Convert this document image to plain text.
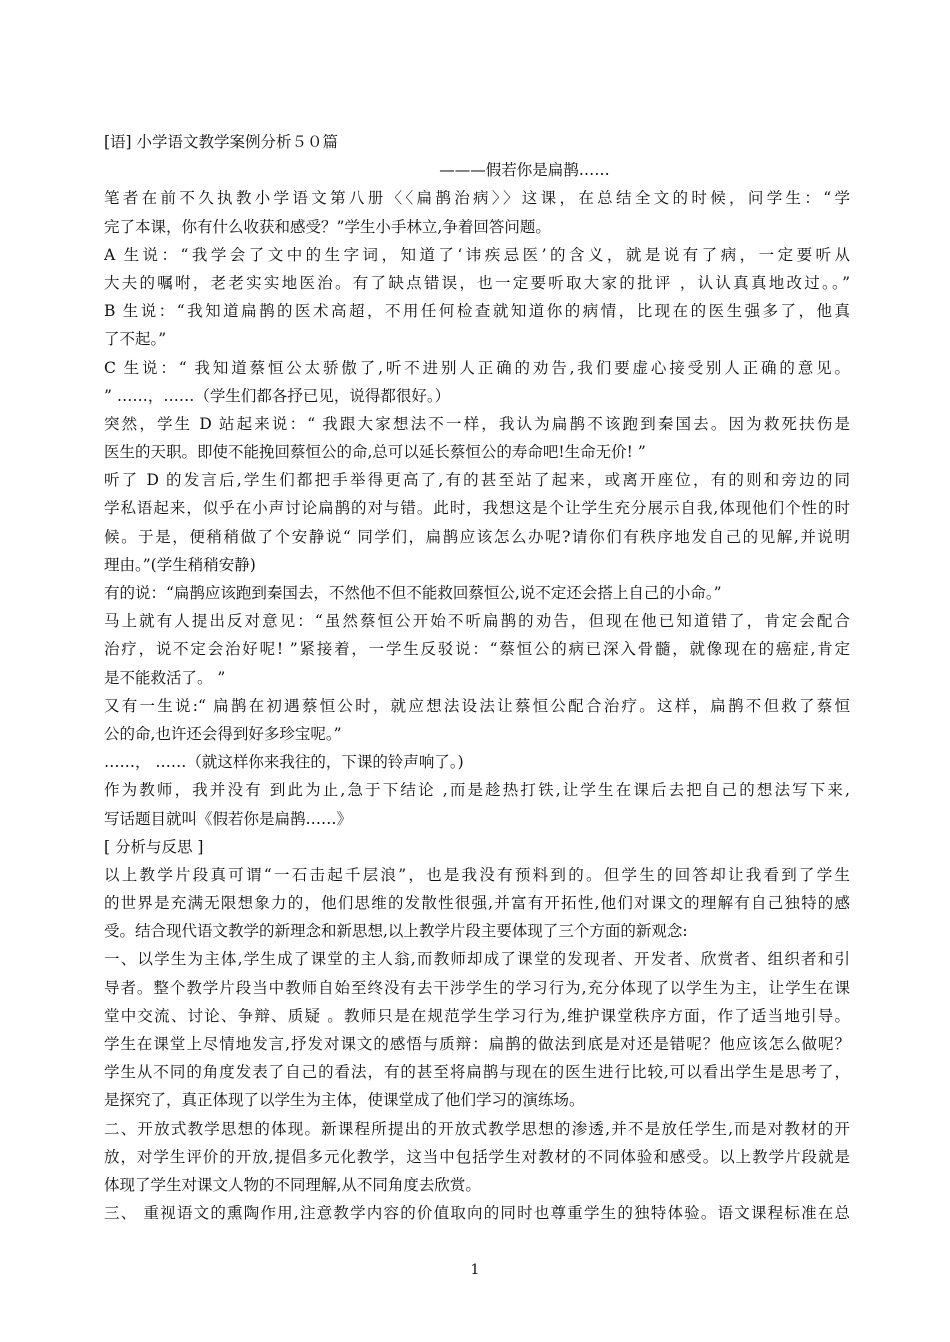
[语] 小学语文教学案例分析５０篇
———假若你是扁鹊……
笔者在前不久执教小学语文第八册〈〈扁鹊治病〉〉这课，在总结全文的时候，问学生：“学
完了本课，你有什么收获和感受？”学生小手林立,争着回答问题。
A 生说：“我学会了文中的生字词，知道了‘讳疾忌医’的含义，就是说有了病，一定要听从
大夫的嘱咐，老老实实地医治。有了缺点错误，也一定要听取大家的批评 ，认认真真地改过。。”
B 生说：“我知道扁鹊的医术高超，不用任何检查就知道你的病情，比现在的医生强多了，他真
了不起。”
C 生说：“ 我知道蔡恒公太骄傲了,听不进别人正确的劝告,我们要虚心接受别人正确的意见。
” ……，……（学生们都各抒已见，说得都很好。）
突然，学生 D 站起来说：“ 我跟大家想法不一样，我认为扁鹊不该跑到秦国去。因为救死扶伤是
医生的天职。即使不能挽回蔡恒公的命,总可以延长蔡恒公的寿命吧!生命无价! ”
听了 D 的发言后,学生们都把手举得更高了,有的甚至站了起来，或离开座位，有的则和旁边的同
学私语起来，似乎在小声讨论扁鹊的对与错。此时，我想这是个让学生充分展示自我,体现他们个性的时
候。于是，便稍稍做了个安静说“ 同学们，扁鹊应该怎么办呢?请你们有秩序地发自己的见解,并说明
理由。”(学生稍稍安静)
有的说：“扁鹊应该跑到秦国去，不然他不但不能救回蔡恒公,说不定还会搭上自己的小命。”
马上就有人提出反对意见：“虽然蔡恒公开始不听扁鹊的劝告，但现在他已知道错了，肯定会配合
治疗，说不定会治好呢! ”紧接着，一学生反驳说：“蔡恒公的病已深入骨髓，就像现在的癌症,肯定
是不能救活了。 ”
又有一生说:“ 扁鹊在初遇蔡恒公时，就应想法设法让蔡恒公配合治疗。这样，扁鹊不但救了蔡恒
公的命,也许还会得到好多珍宝呢。”
……， ……（就这样你来我往的，下课的铃声响了。)
作为教师，我并没有 到此为止,急于下结论 ,而是趁热打铁,让学生在课后去把自己的想法写下来,
写话题目就叫《假若你是扁鹊……》
[ 分析与反思 ]
以上教学片段真可谓“一石击起千层浪”，也是我没有预料到的。但学生的回答却让我看到了学生
的世界是充满无限想象力的，他们思维的发散性很强,并富有开拓性,他们对课文的理解有自己独特的感
受。结合现代语文教学的新理念和新思想,以上教学片段主要体现了三个方面的新观念:
一、以学生为主体,学生成了课堂的主人翁,而教师却成了课堂的发现者、开发者、欣赏者、组织者和引
导者。整个教学片段当中教师自始至终没有去干涉学生的学习行为,充分体现了以学生为主，让学生在课
堂中交流、讨论、争辩、质疑 。教师只是在规范学生学习行为,维护课堂秩序方面，作了适当地引导。
学生在课堂上尽情地发言,抒发对课文的感悟与质辩：扁鹊的做法到底是对还是错呢？他应该怎么做呢？
学生从不同的角度发表了自己的看法，有的甚至将扁鹊与现在的医生进行比较,可以看出学生是思考了，
是探究了，真正体现了以学生为主体，使课堂成了他们学习的演练场。
二、开放式教学思想的体现。新课程所提出的开放式教学思想的渗透,并不是放任学生,而是对教材的开
放，对学生评价的开放,提倡多元化教学，这当中包括学生对教材的不同体验和感受。以上教学片段就是
体现了学生对课文人物的不同理解,从不同角度去欣赏。
三、 重视语文的熏陶作用,注意教学内容的价值取向的同时也尊重学生的独特体验。语文课程标准在总
1
